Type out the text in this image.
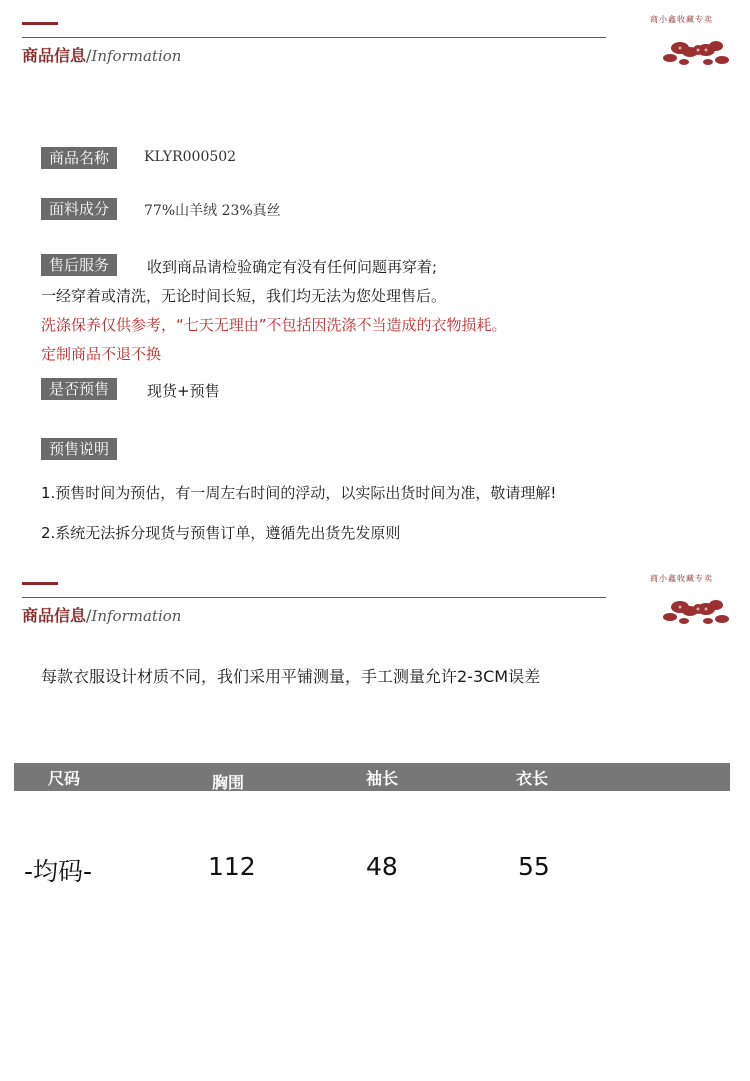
商品信息/Information
商小鑫收藏专卖
商品名称	KLYR000502
面料成分	77%山羊绒 23%真丝
售后服务	收到商品请检验确定有没有任何问题再穿着;
一经穿着或清洗，无论时间长短，我们均无法为您处理售后。
洗涤保养仅供参考，“七天无理由”不包括因洗涤不当造成的衣物损耗。
定制商品不退不换
是否预售	现货+预售
预售说明
1.预售时间为预估，有一周左右时间的浮动，以实际出货时间为准，敬请理解!
2.系统无法拆分现货与预售订单，遵循先出货先发原则
商品信息/Information
商小鑫收藏专卖
每款衣服设计材质不同，我们采用平铺测量，手工测量允许2-3CM误差
尺码	胸围	袖长	衣长
-均码-	112	48	55
